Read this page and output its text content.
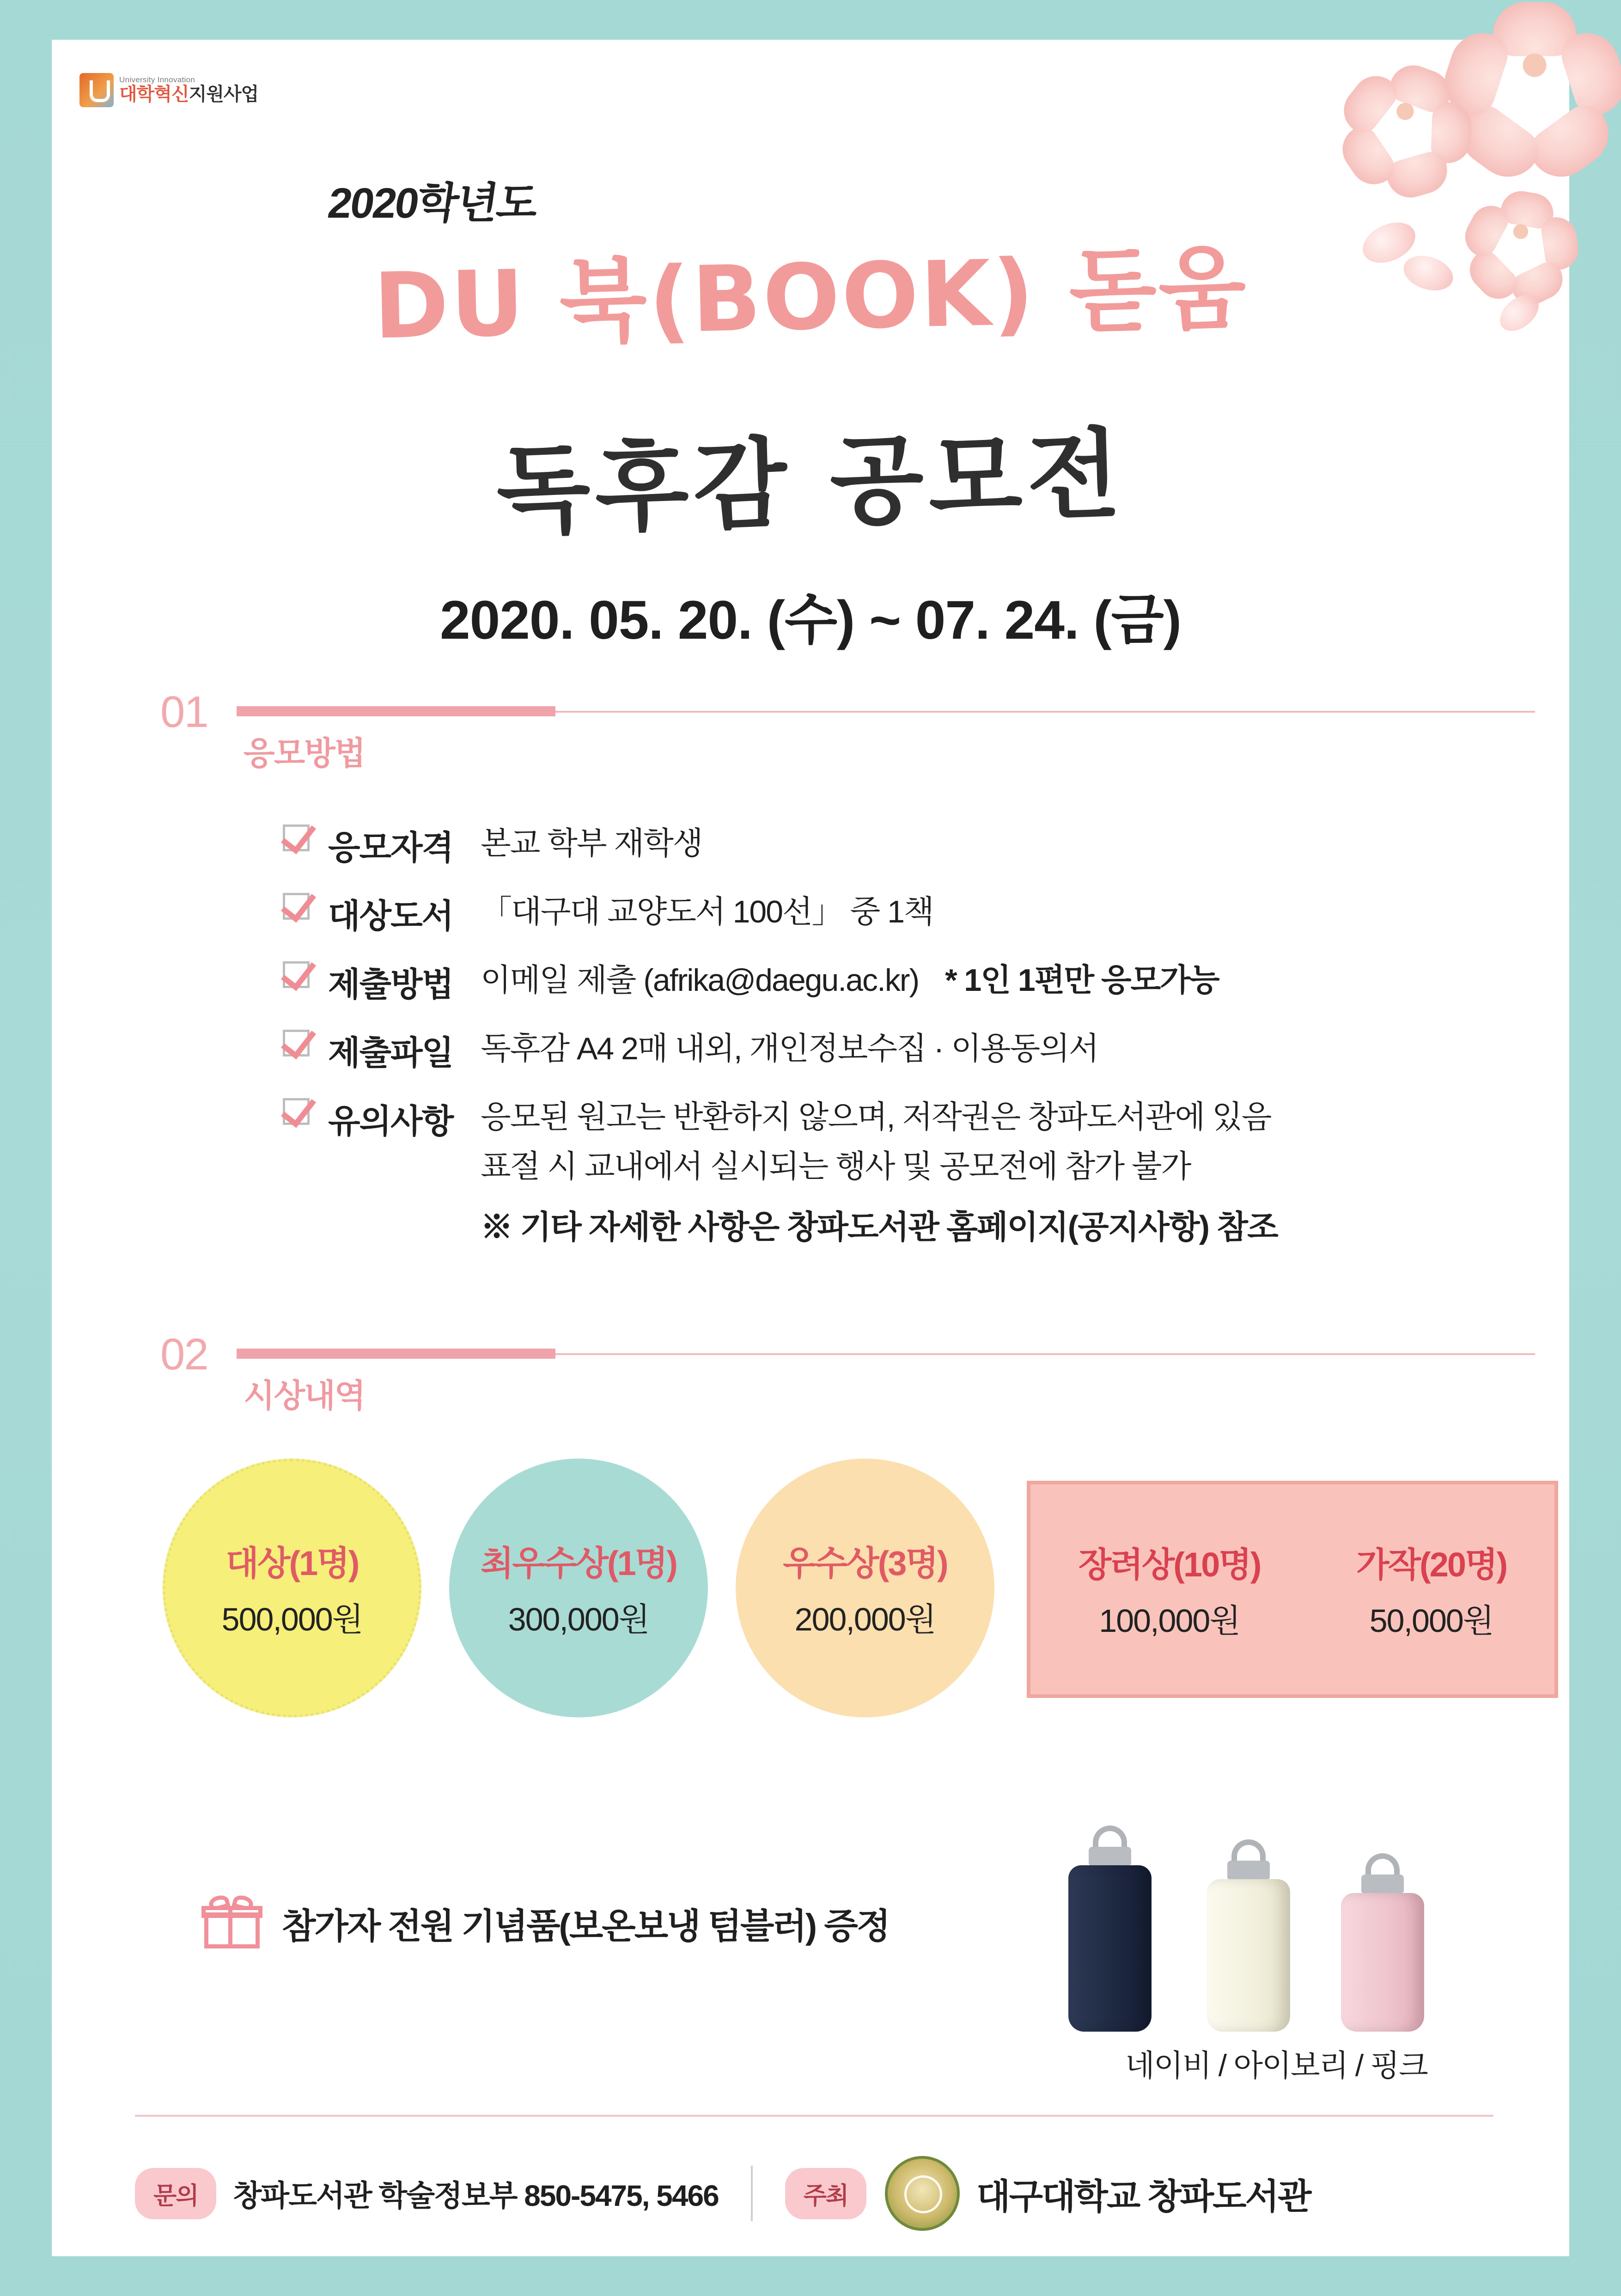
University Innovation
대학혁신지원사업
2020학년도
DU 북(BOOK) 돋움
독후감 공모전
2020. 05. 20. (수) ~ 07. 24. (금)
01
응모방법
응모자격 본교 학부 재학생
대상도서 「대구대 교양도서 100선」 중 1책
제출방법 이메일 제출 (afrika@daegu.ac.kr) * 1인 1편만 응모가능
제출파일 독후감 A4 2매 내외, 개인정보수집 · 이용동의서
유의사항 응모된 원고는 반환하지 않으며, 저작권은 창파도서관에 있음
표절 시 교내에서 실시되는 행사 및 공모전에 참가 불가
※ 기타 자세한 사항은 창파도서관 홈페이지(공지사항) 참조
02
시상내역
대상(1명)
500,000원
최우수상(1명)
300,000원
우수상(3명)
200,000원
장려상(10명)
100,000원
가작(20명)
50,000원
참가자 전원 기념품(보온보냉 텀블러) 증정
네이비 / 아이보리 / 핑크
문의	창파도서관 학술정보부 850-5475, 5466	주최	대구대학교 창파도서관
